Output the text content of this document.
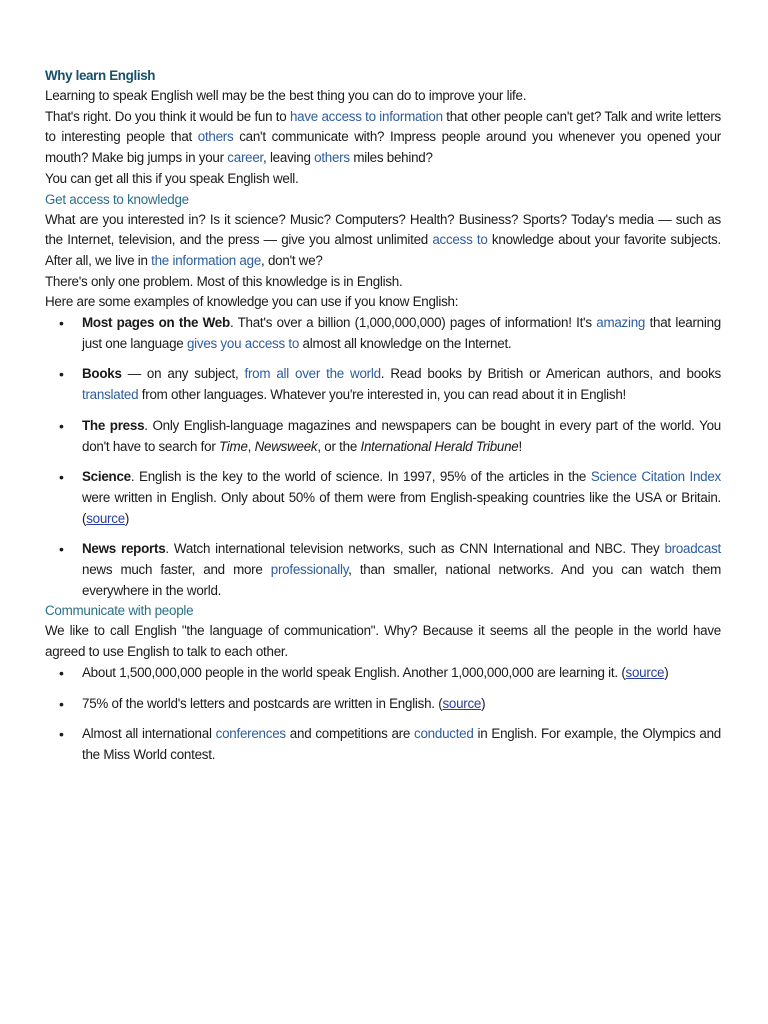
Why learn English

Learning to speak English well may be the best thing you can do to improve your life.

That's right. Do you think it would be fun to have access to information that other people can't get? Talk and write letters to interesting people that others can't communicate with? Impress people around you whenever you opened your mouth? Make big jumps in your career, leaving others miles behind?

You can get all this if you speak English well.

Get access to knowledge

What are you interested in? Is it science? Music? Computers? Health? Business? Sports? Today's media — such as the Internet, television, and the press — give you almost unlimited access to knowledge about your favorite subjects. After all, we live in the information age, don't we?

There's only one problem. Most of this knowledge is in English.

Here are some examples of knowledge you can use if you know English:

• Most pages on the Web. That's over a billion (1,000,000,000) pages of information! It's amazing that learning just one language gives you access to almost all knowledge on the Internet.
• Books — on any subject, from all over the world. Read books by British or American authors, and books translated from other languages. Whatever you're interested in, you can read about it in English!
• The press. Only English-language magazines and newspapers can be bought in every part of the world. You don't have to search for Time, Newsweek, or the International Herald Tribune!
• Science. English is the key to the world of science. In 1997, 95% of the articles in the Science Citation Index were written in English. Only about 50% of them were from English-speaking countries like the USA or Britain. (source)
• News reports. Watch international television networks, such as CNN International and NBC. They broadcast news much faster, and more professionally, than smaller, national networks. And you can watch them everywhere in the world.
Communicate with people

We like to call English "the language of communication". Why? Because it seems all the people in the world have agreed to use English to talk to each other.

• About 1,500,000,000 people in the world speak English. Another 1,000,000,000 are learning it. (source)
• 75% of the world's letters and postcards are written in English. (source)
• Almost all international conferences and competitions are conducted in English. For example, the Olympics and the Miss World contest.
